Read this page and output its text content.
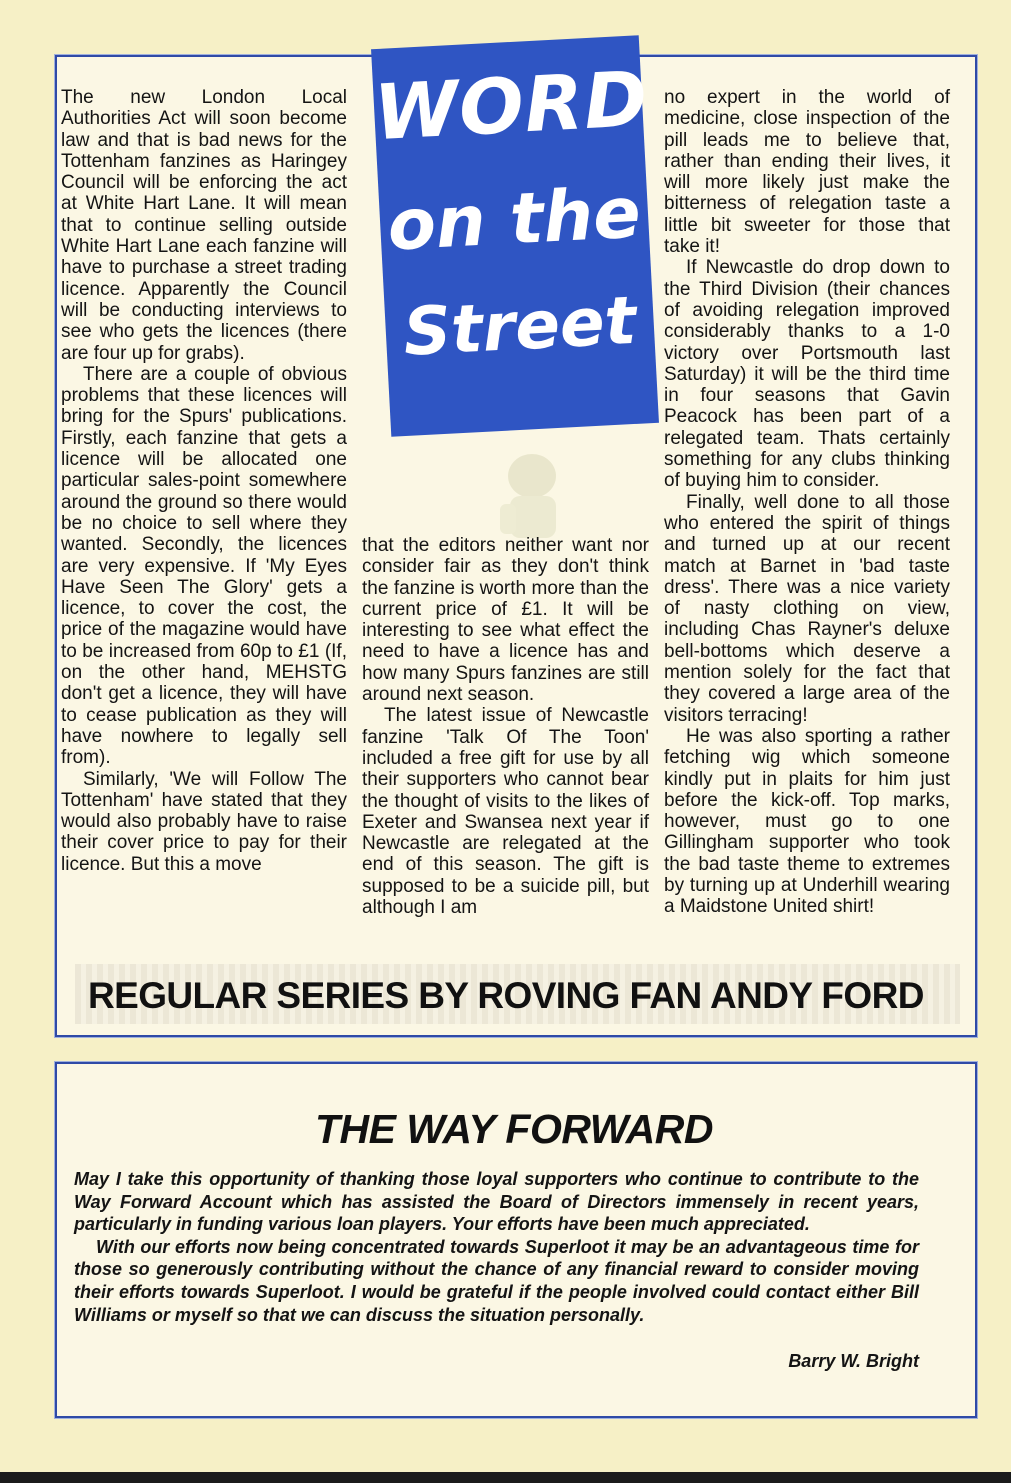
The new London Local Authorities Act will soon become law and that is bad news for the Tottenham fanzines as Haringey Council will be enforcing the act at White Hart Lane. It will mean that to continue selling outside White Hart Lane each fanzine will have to purchase a street trading licence. Apparently the Council will be conducting interviews to see who gets the licences (there are four up for grabs).

There are a couple of obvious problems that these licences will bring for the Spurs' publications. Firstly, each fanzine that gets a licence will be allocated one particular sales-point somewhere around the ground so there would be no choice to sell where they wanted. Secondly, the licences are very expensive. If 'My Eyes Have Seen The Glory' gets a licence, to cover the cost, the price of the magazine would have to be increased from 60p to £1 (If, on the other hand, MEHSTG don't get a licence, they will have to cease publication as they will have nowhere to legally sell from).

Similarly, 'We will Follow The Tottenham' have stated that they would also probably have to raise their cover price to pay for their licence. But this a move

WORD
on the
Street

that the editors neither want nor consider fair as they don't think the fanzine is worth more than the current price of £1. It will be interesting to see what effect the need to have a licence has and how many Spurs fanzines are still around next season.

The latest issue of Newcastle fanzine 'Talk Of The Toon' included a free gift for use by all their supporters who cannot bear the thought of visits to the likes of Exeter and Swansea next year if Newcastle are relegated at the end of this season. The gift is supposed to be a suicide pill, but although I am

no expert in the world of medicine, close inspection of the pill leads me to believe that, rather than ending their lives, it will more likely just make the bitterness of relegation taste a little bit sweeter for those that take it!

If Newcastle do drop down to the Third Division (their chances of avoiding relegation improved considerably thanks to a 1-0 victory over Portsmouth last Saturday) it will be the third time in four seasons that Gavin Peacock has been part of a relegated team. Thats certainly something for any clubs thinking of buying him to consider.

Finally, well done to all those who entered the spirit of things and turned up at our recent match at Barnet in 'bad taste dress'. There was a nice variety of nasty clothing on view, including Chas Rayner's deluxe bell-bottoms which deserve a mention solely for the fact that they covered a large area of the visitors terracing!

He was also sporting a rather fetching wig which someone kindly put in plaits for him just before the kick-off. Top marks, however, must go to one Gillingham supporter who took the bad taste theme to extremes by turning up at Underhill wearing a Maidstone United shirt!

REGULAR SERIES BY ROVING FAN ANDY FORD
THE WAY FORWARD

May I take this opportunity of thanking those loyal supporters who continue to contribute to the Way Forward Account which has assisted the Board of Directors immensely in recent years, particularly in funding various loan players. Your efforts have been much appreciated.

With our efforts now being concentrated towards Superloot it may be an advantageous time for those so generously contributing without the chance of any financial reward to consider moving their efforts towards Superloot. I would be grateful if the people involved could contact either Bill Williams or myself so that we can discuss the situation personally.

Barry W. Bright
